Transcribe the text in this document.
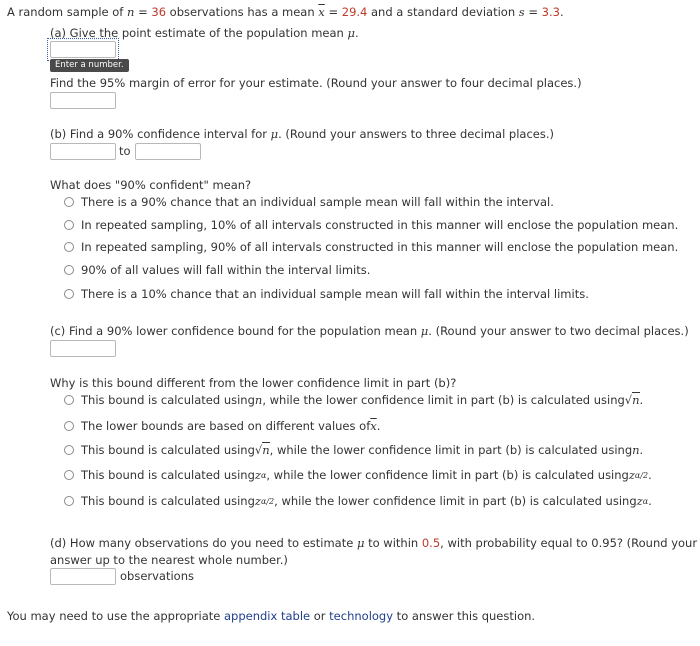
A random sample of n = 36 observations has a mean $\overline{x} = 29.4$ and a standard deviation s = 3.3.
(a) Give the point estimate of the population mean μ.
Enter a number.
Find the 95% margin of error for your estimate. (Round your answer to four decimal places.)
(b) Find a 90% confidence interval for μ. (Round your answers to three decimal places.)
to
What does "90% confident" mean?
There is a 90% chance that an individual sample mean will fall within the interval.
In repeated sampling, 10% of all intervals constructed in this manner will enclose the population mean.
In repeated sampling, 90% of all intervals constructed in this manner will enclose the population mean.
90% of all values will fall within the interval limits.
There is a 10% chance that an individual sample mean will fall within the interval limits.
(c) Find a 90% lower confidence bound for the population mean μ. (Round your answer to two decimal places.)
Why is this bound different from the lower confidence limit in part (b)?
This bound is calculated using n , while the lower confidence limit in part (b) is calculated using √ n .
The lower bounds are based on different values of $\overline{x}$ .
This bound is calculated using √ n , while the lower confidence limit in part (b) is calculated using n .
This bound is calculated using z α , while the lower confidence limit in part (b) is calculated using z α/2 .
This bound is calculated using z α/2 , while the lower confidence limit in part (b) is calculated using z α .
(d) How many observations do you need to estimate μ to within 0.5, with probability equal to 0.95? (Round your
answer up to the nearest whole number.)
observations
You may need to use the appropriate appendix table or technology to answer this question.
